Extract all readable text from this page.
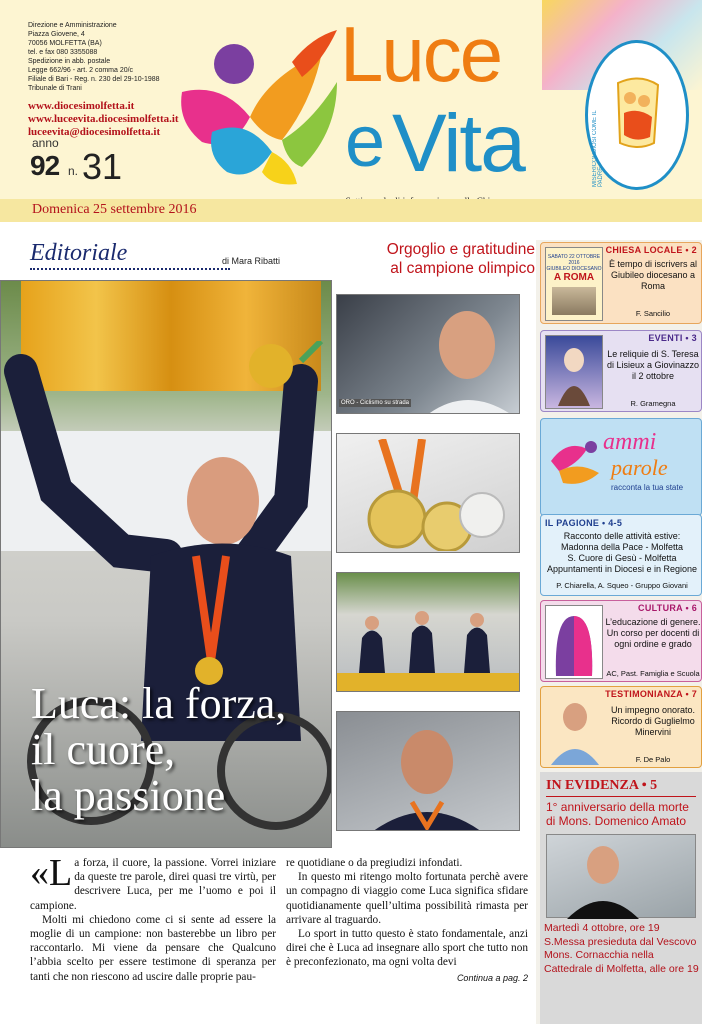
Direzione e Amministrazione
Piazza Giovene, 4
70056 MOLFETTA (BA)
tel. e fax 080 3355088
Spedizione in abb. postale
Legge 662/96 - art. 2 comma 20/c
Filiale di Bari - Reg. n. 230 del 29-10-1988
Tribunale di Trani
www.diocesimolfetta.it
www.luceevita.diocesimolfetta.it
luceevita@diocesimolfetta.it
anno
92 n. 31
Luce
e Vita	MISERICORDIOSI COME IL PADRE
Domenica 25 settembre 2016
Editoriale	di Mara Ribatti
Orgoglio e gratitudine
al campione olimpico
Luca: la forza,
il cuore,
la passione
ORO - Ciclismo su strada

«La forza, il cuore, la passione. Vorrei iniziare da queste tre parole, direi quasi tre virtù, per descrivere Luca, per me l’uomo e poi il campione.

Molti mi chiedono come ci si sente ad essere la moglie di un campione: non basterebbe un libro per raccontarlo. Mi viene da pensare che Qualcuno l’abbia scelto per essere testimone di speranza per tanti che non riescono ad uscire dalle proprie pau-

re quotidiane o da pregiudizi infondati.

In questo mi ritengo molto fortunata perchè avere un compagno di viaggio come Luca significa sfidare quotidianamente quell’ultima possibilità rimasta per arrivare al traguardo.

Lo sport in tutto questo è stato fondamentale, anzi direi che è Luca ad insegnare allo sport che tutto non è preconfezionato, ma ogni volta devi

Continua a pag. 2
CHIESA LOCALE • 2
SABATO 22 OTTOBRE 2016
GIUBILEO DIOCESANO
A ROMA
È tempo di iscrivers al Giubileo diocesano a Roma
F. Sancilio
EVENTI • 3
Le reliquie di S. Teresa di Lisieux a Giovinazzo il 2 ottobre
R. Gramegna
ammi
parole
racconta la tua state
IL PAGIONE • 4-5
Racconto delle attività estive:
Madonna della Pace - Molfetta
S. Cuore di Gesù - Molfetta
Appuntamenti in Diocesi e in Regione
P. Chiarella, A. Squeo - Gruppo Giovani
CULTURA • 6
L’educazione di genere. Un corso per docenti di ogni ordine e grado
AC, Past. Famiglia e Scuola
TESTIMONIANZA • 7
Un impegno onorato. Ricordo di Guglielmo Minervini
F. De Palo
IN EVIDENZA • 5
1° anniversario della morte di Mons. Domenico Amato
Martedì 4 ottobre, ore 19 S.Messa presieduta dal Vescovo Mons. Cornacchia nella Cattedrale di Molfetta, alle ore 19
